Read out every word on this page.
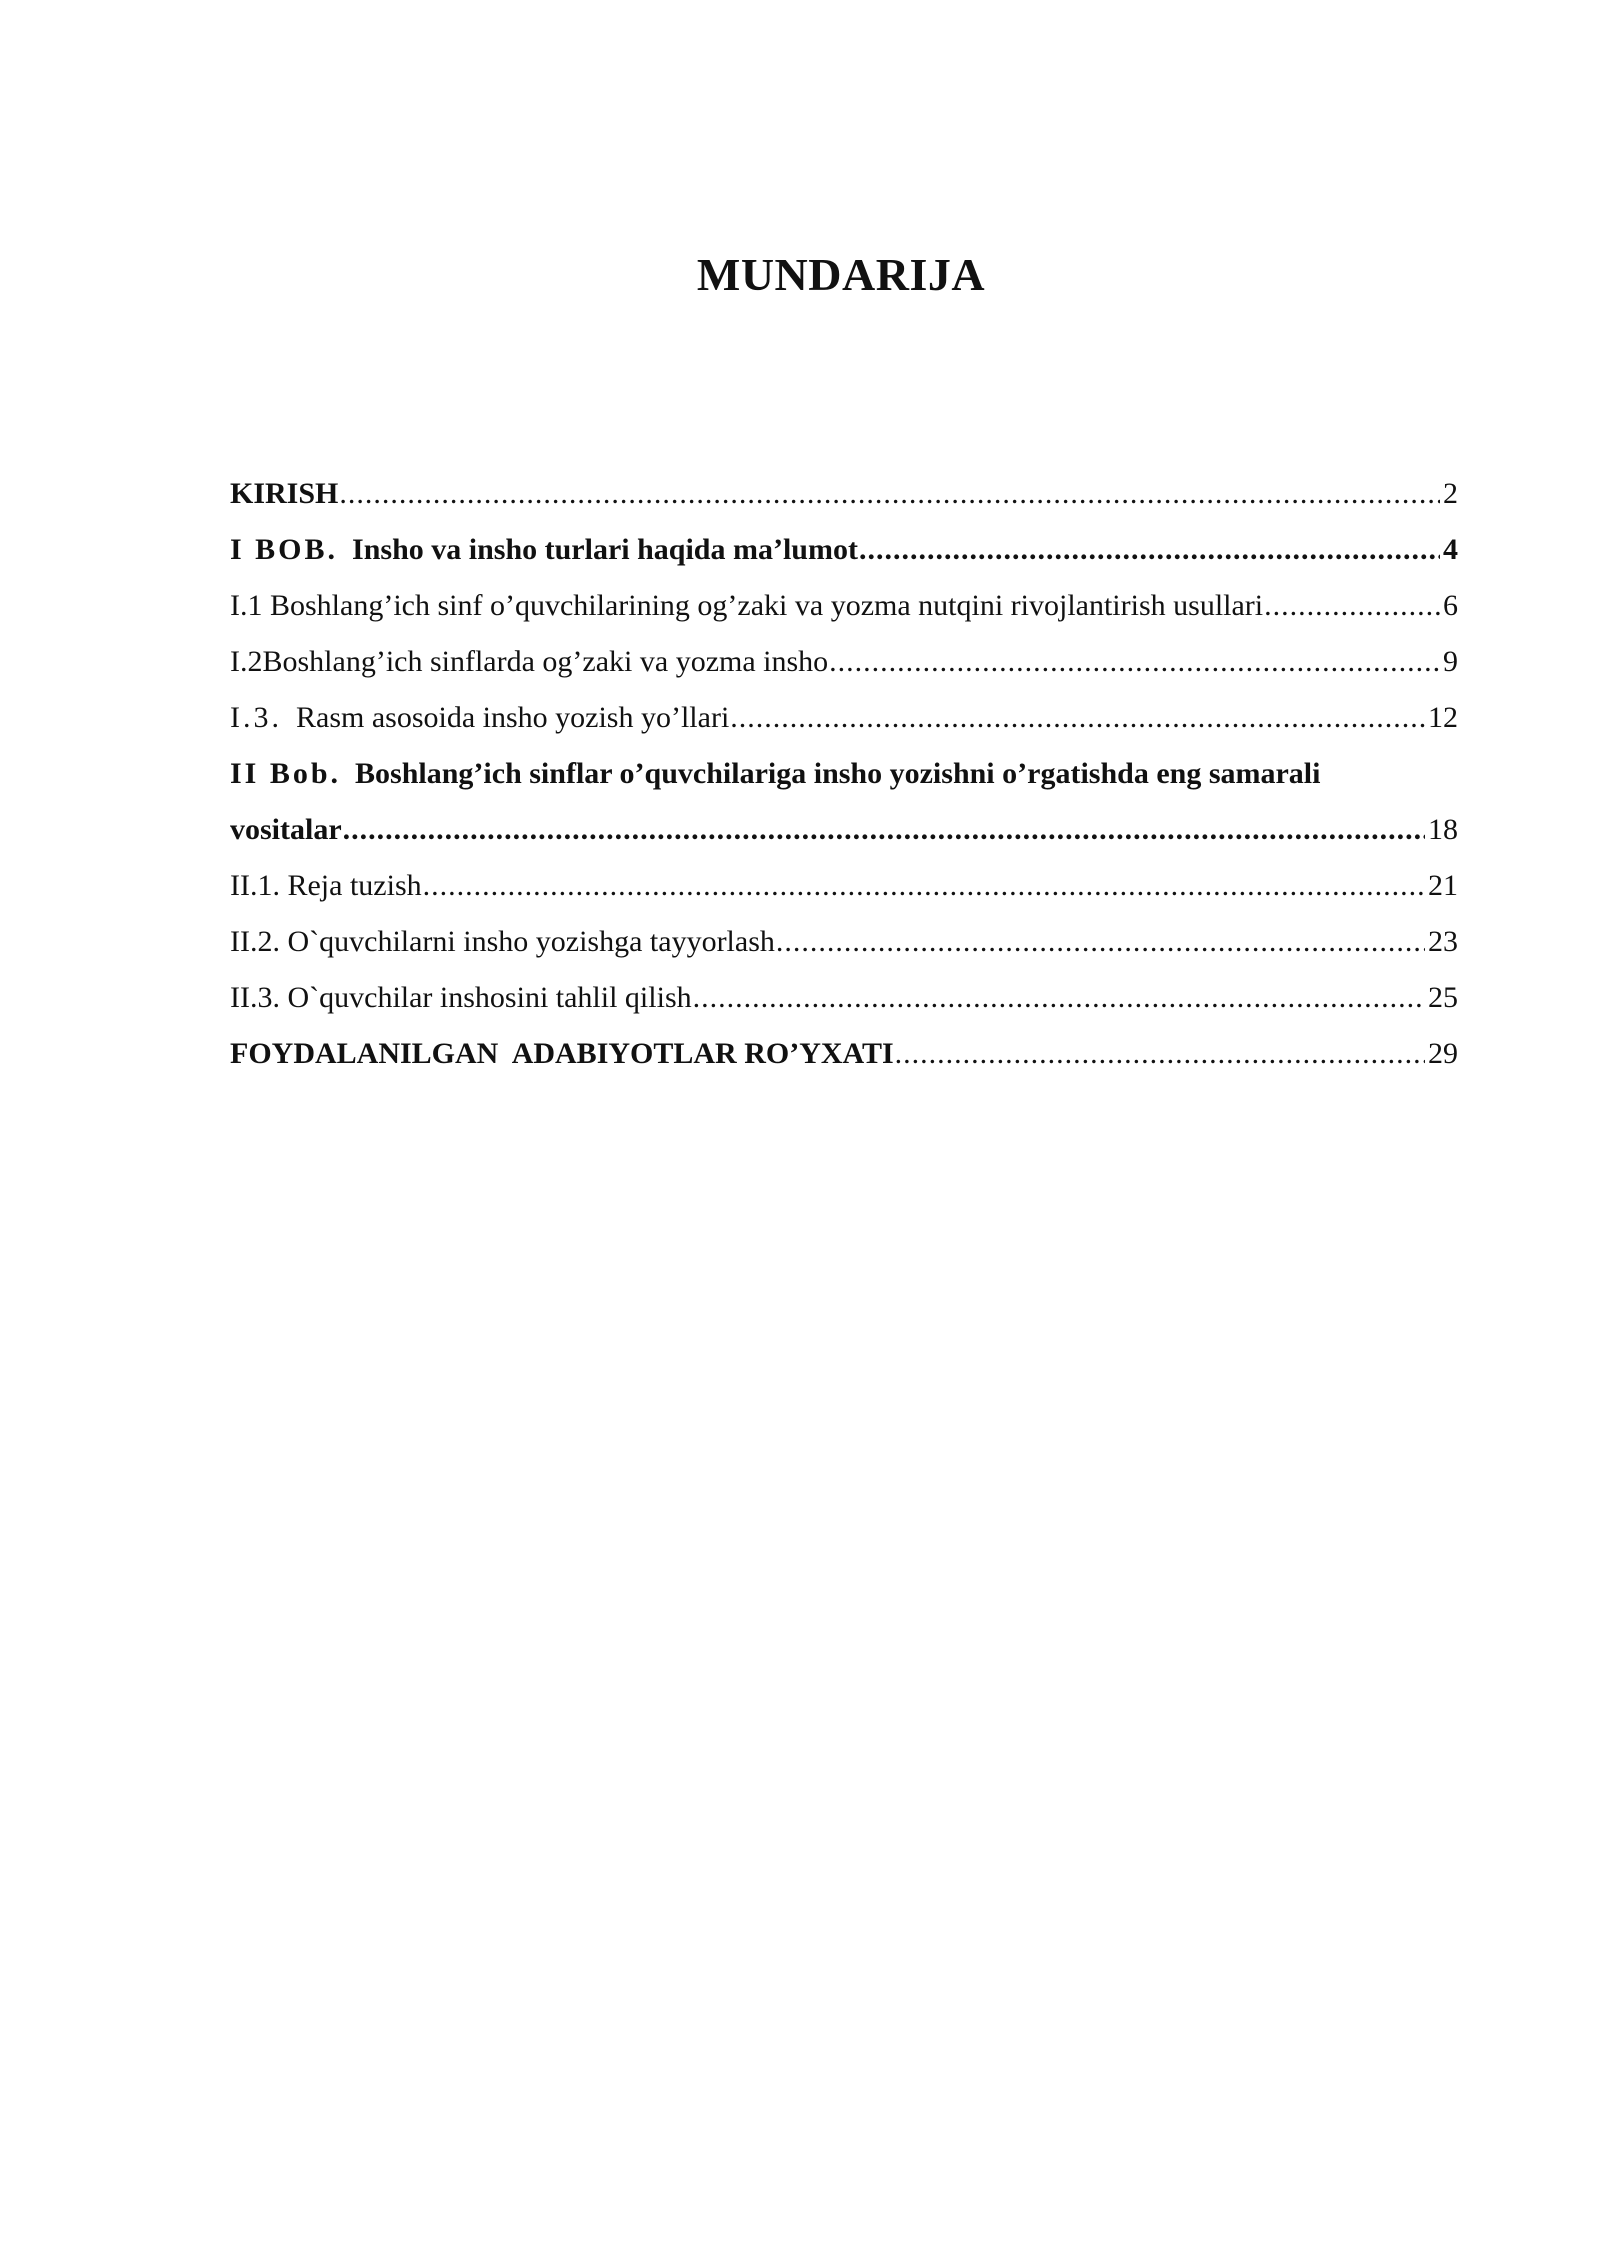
MUNDARIJA
KIRISH .....	2
I BOB. Insho va insho turlari haqida ma’lumot .....	4
I.1 Boshlang’ich sinf o’quvchilarining og’zaki va yozma nutqini rivojlantirish usullari .....	6
I.2Boshlang’ich sinflarda og’zaki va yozma insho .....	9
I.3. Rasm asosoida insho yozish yo’llari .....	12
II Bob. Boshlang’ich sinflar o’quvchilariga insho yozishni o’rgatishda eng samarali
vositalar .....	18
II.1. Reja tuzish .....	21
II.2. O`quvchilarni insho yozishga tayyorlash .....	23
II.3. O`quvchilar inshosini tahlil qilish .....	25
FOYDALANILGAN  ADABIYOTLAR RO’YXATI .....	29
